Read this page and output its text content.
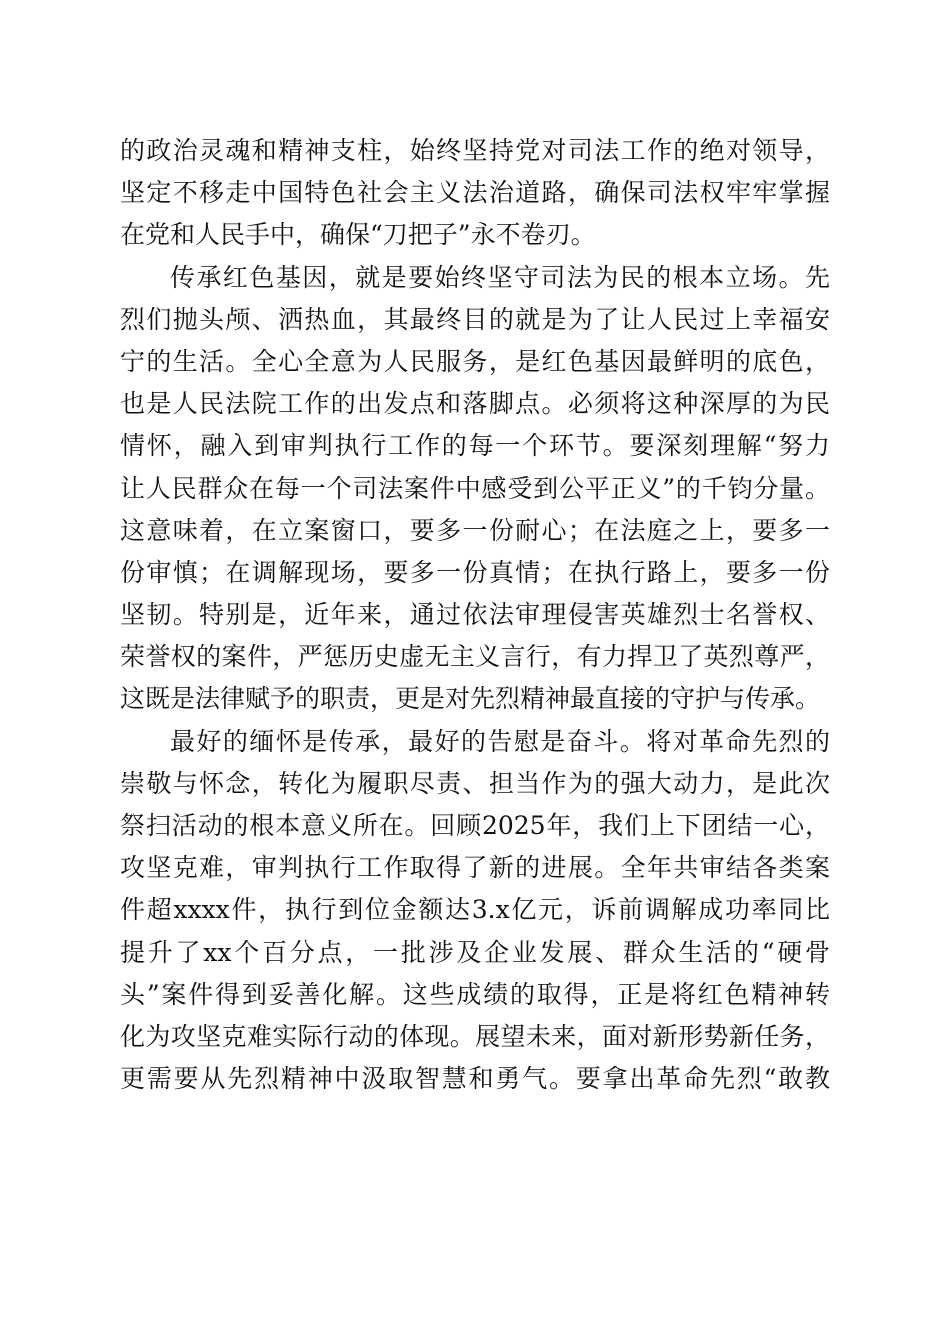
的政治灵魂和精神支柱，始终坚持党对司法工作的绝对领导，
坚定不移走中国特色社会主义法治道路，确保司法权牢牢掌握
在党和人民手中，确保“刀把子”永不卷刃。
传承红色基因，就是要始终坚守司法为民的根本立场。先
烈们抛头颅、洒热血，其最终目的就是为了让人民过上幸福安
宁的生活。全心全意为人民服务，是红色基因最鲜明的底色，
也是人民法院工作的出发点和落脚点。必须将这种深厚的为民
情怀，融入到审判执行工作的每一个环节。要深刻理解“努力
让人民群众在每一个司法案件中感受到公平正义”的千钧分量。
这意味着，在立案窗口，要多一份耐心；在法庭之上，要多一
份审慎；在调解现场，要多一份真情；在执行路上，要多一份
坚韧。特别是，近年来，通过依法审理侵害英雄烈士名誉权、
荣誉权的案件，严惩历史虚无主义言行，有力捍卫了英烈尊严，
这既是法律赋予的职责，更是对先烈精神最直接的守护与传承。
最好的缅怀是传承，最好的告慰是奋斗。将对革命先烈的
崇敬与怀念，转化为履职尽责、担当作为的强大动力，是此次
祭扫活动的根本意义所在。回顾2025年，我们上下团结一心，
攻坚克难，审判执行工作取得了新的进展。全年共审结各类案
件超xxxx件，执行到位金额达3.x亿元，诉前调解成功率同比
提升了xx个百分点，一批涉及企业发展、群众生活的“硬骨
头”案件得到妥善化解。这些成绩的取得，正是将红色精神转
化为攻坚克难实际行动的体现。展望未来，面对新形势新任务，
更需要从先烈精神中汲取智慧和勇气。要拿出革命先烈“敢教
